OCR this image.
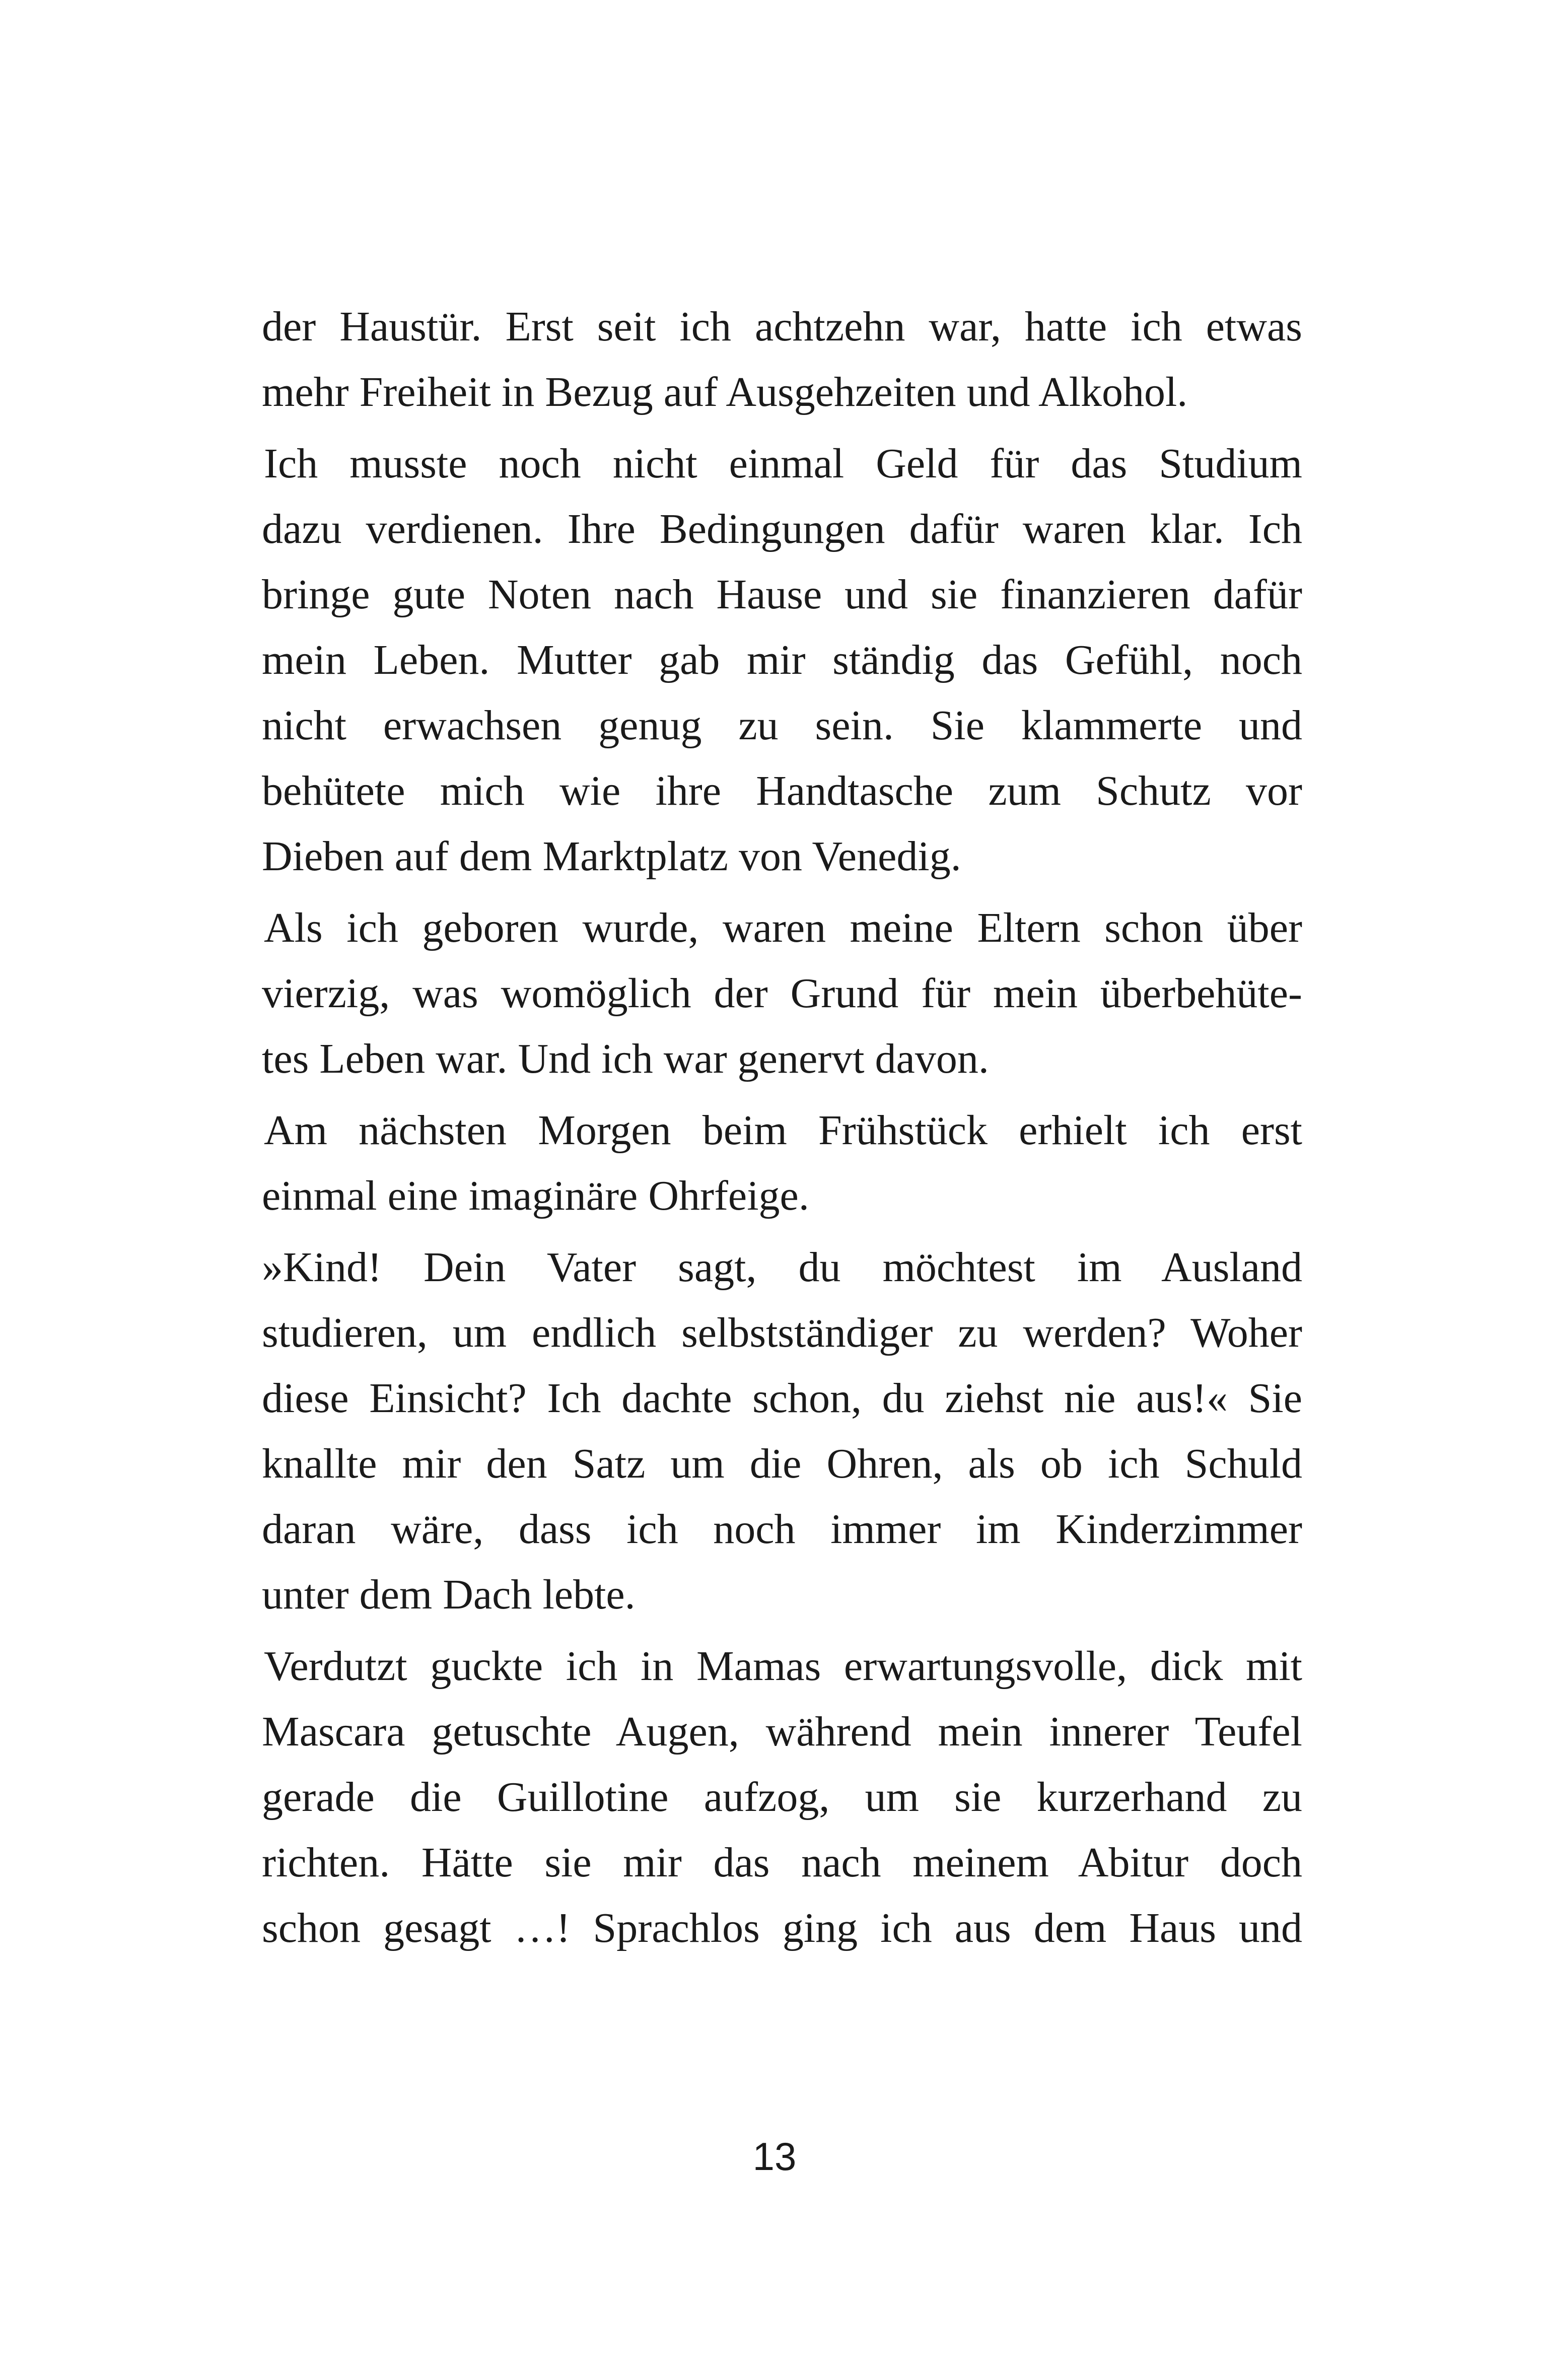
der Haustür. Erst seit ich achtzehn war, hatte ich etwas
mehr Freiheit in Bezug auf Ausgehzeiten und Alkohol.
Ich musste noch nicht einmal Geld für das Studium
dazu verdienen. Ihre Bedingungen dafür waren klar. Ich
bringe gute Noten nach Hause und sie finanzieren dafür
mein Leben. Mutter gab mir ständig das Gefühl, noch
nicht erwachsen genug zu sein. Sie klammerte und
behütete mich wie ihre Handtasche zum Schutz vor
Dieben auf dem Marktplatz von Venedig.
Als ich geboren wurde, waren meine Eltern schon über
vierzig, was womöglich der Grund für mein überbehüte-
tes Leben war. Und ich war genervt davon.
Am nächsten Morgen beim Frühstück erhielt ich erst
einmal eine imaginäre Ohrfeige.
»Kind! Dein Vater sagt, du möchtest im Ausland
studieren, um endlich selbstständiger zu werden? Woher
diese Einsicht? Ich dachte schon, du ziehst nie aus!« Sie
knallte mir den Satz um die Ohren, als ob ich Schuld
daran wäre, dass ich noch immer im Kinderzimmer
unter dem Dach lebte.
Verdutzt guckte ich in Mamas erwartungsvolle, dick mit
Mascara getuschte Augen, während mein innerer Teufel
gerade die Guillotine aufzog, um sie kurzerhand zu
richten. Hätte sie mir das nach meinem Abitur doch
schon gesagt …! Sprachlos ging ich aus dem Haus und
13
